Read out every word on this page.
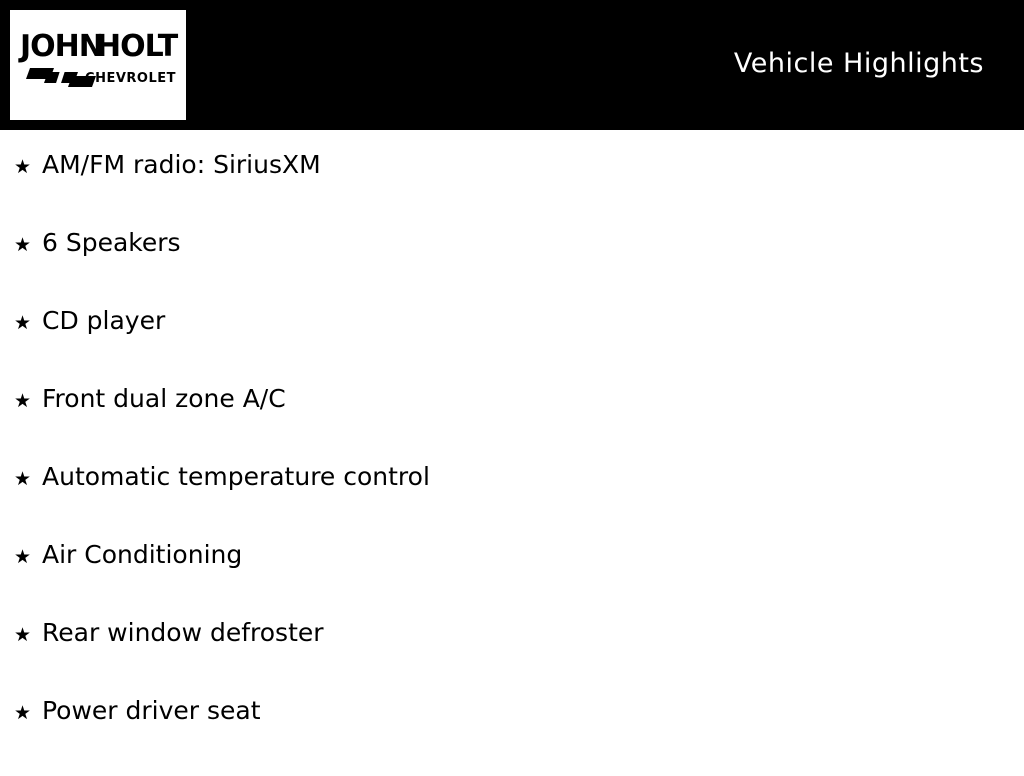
JOHN
HOLT
CHEVROLET	Vehicle Highlights
★ AM/FM radio: SiriusXM
★ 6 Speakers
★ CD player
★ Front dual zone A/C
★ Automatic temperature control
★ Air Conditioning
★ Rear window defroster
★ Power driver seat
